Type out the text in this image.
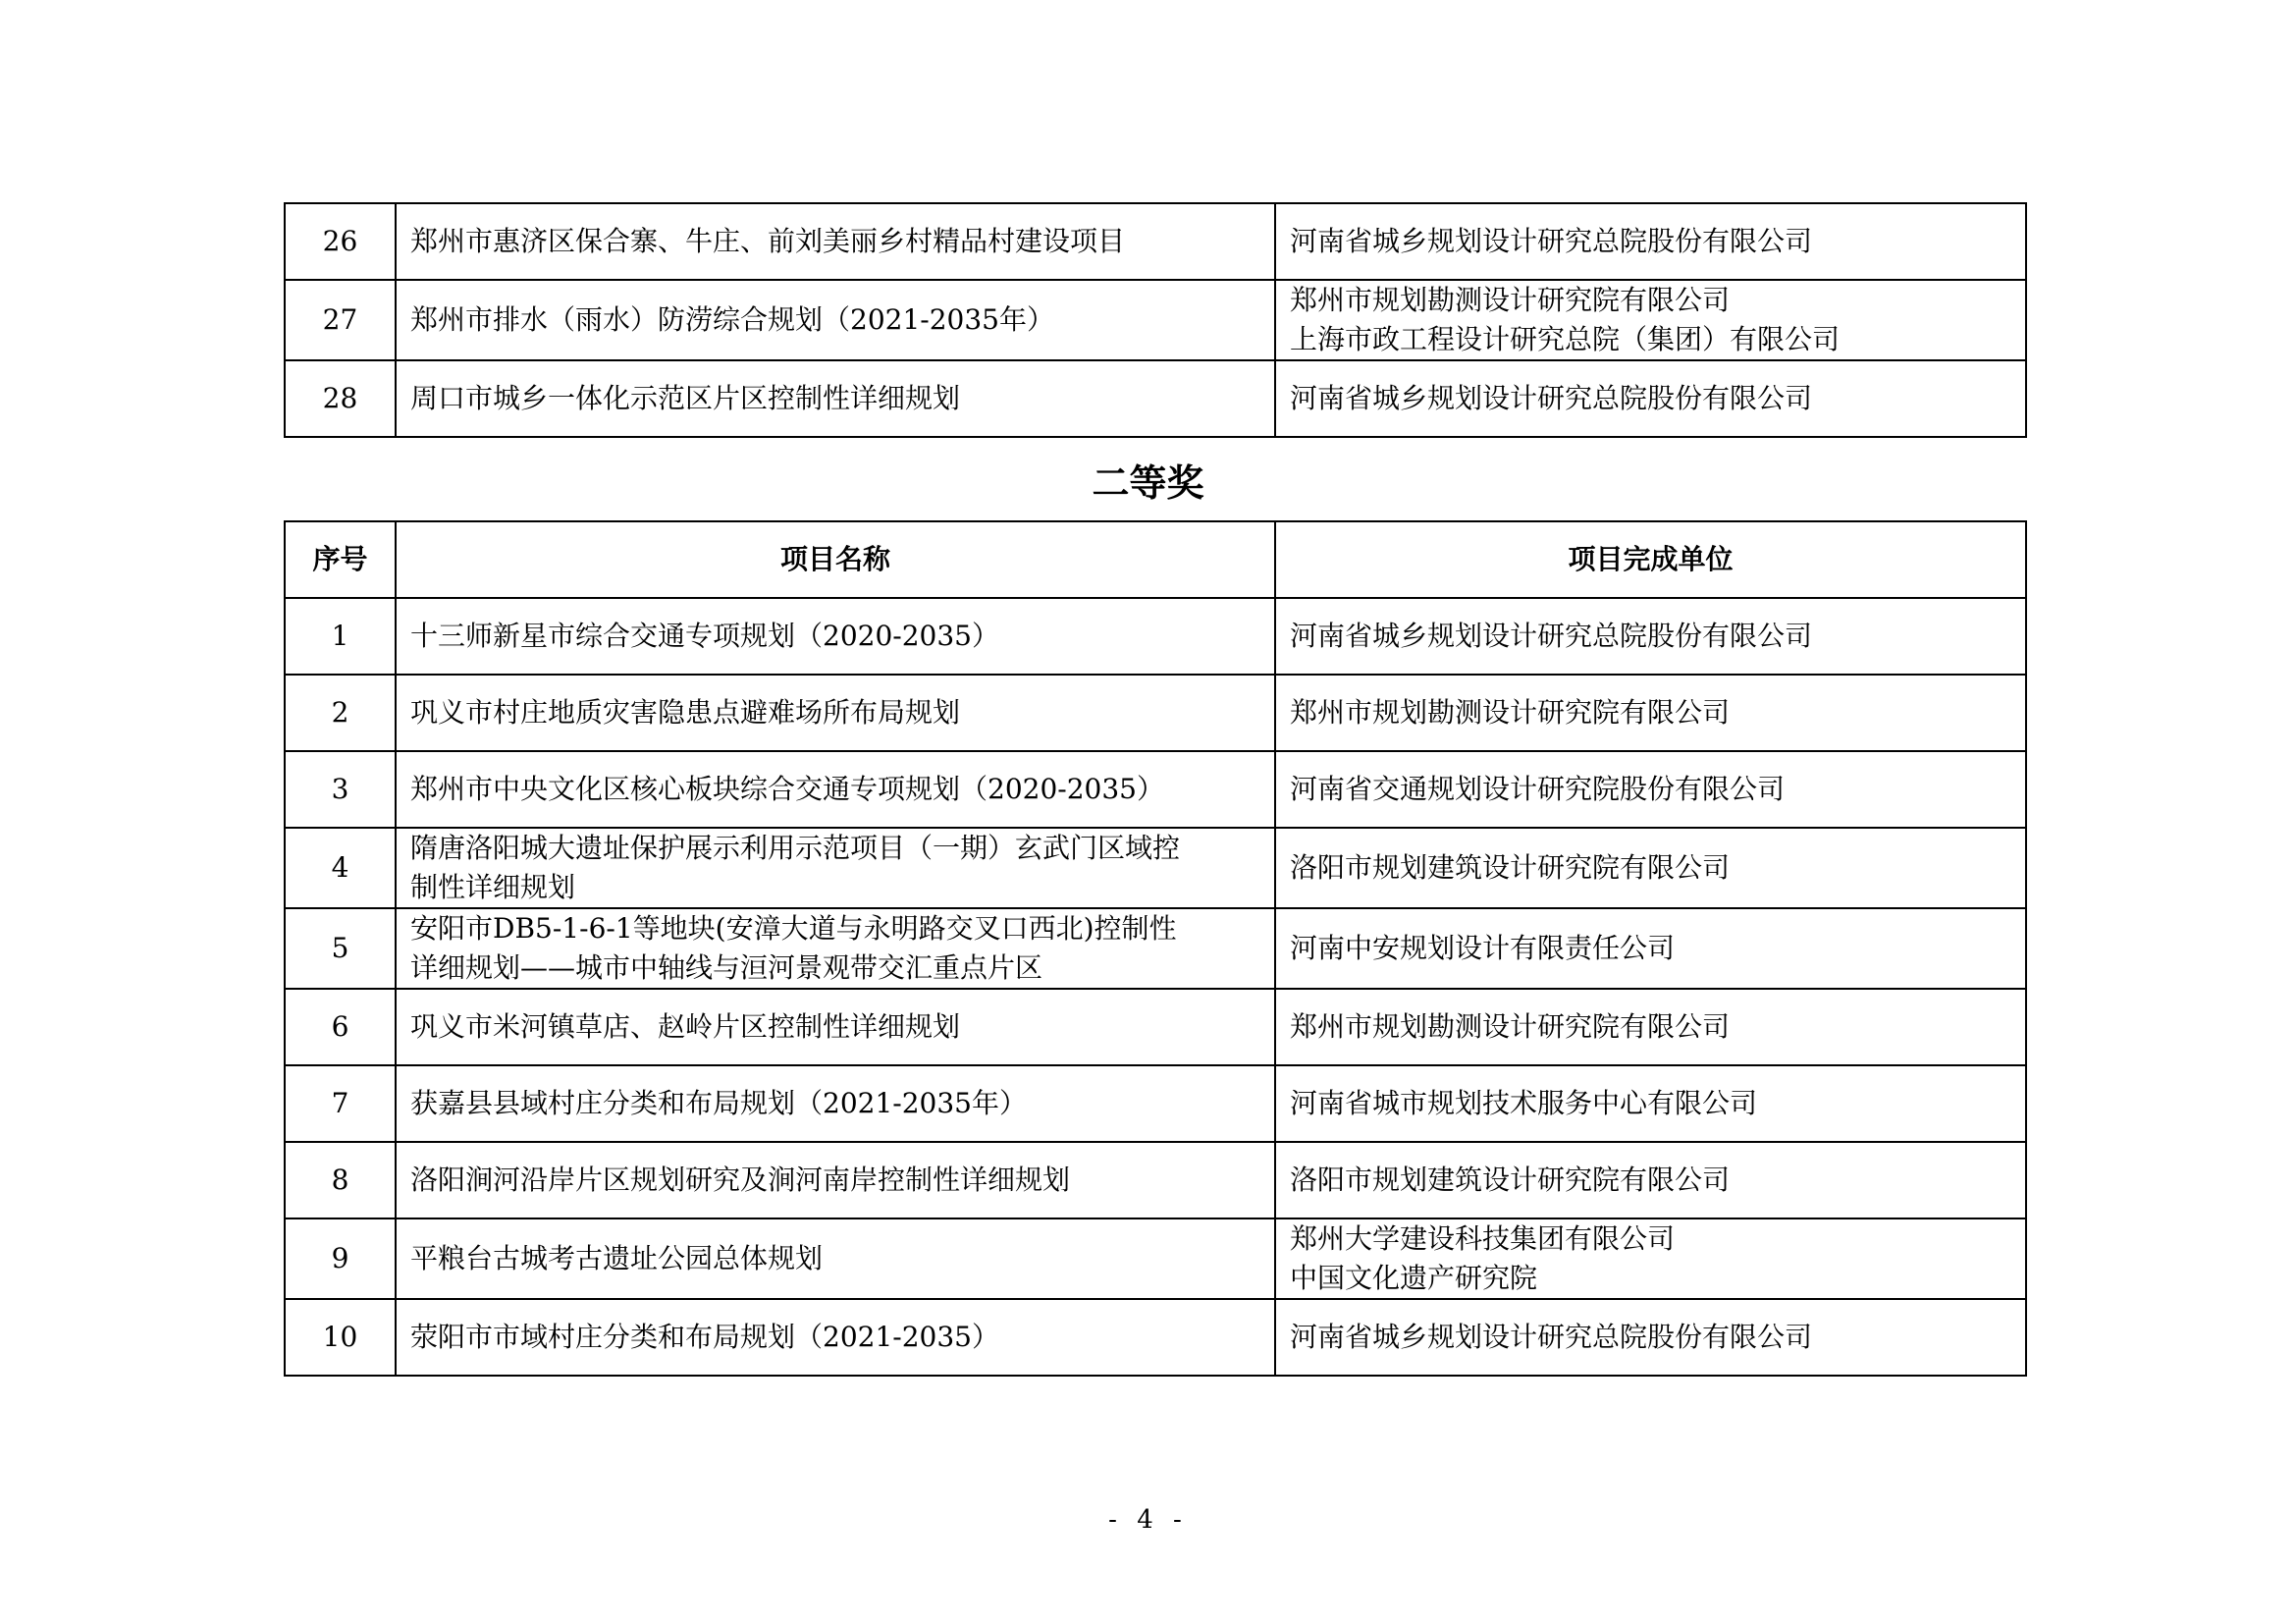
26	郑州市惠济区保合寨、牛庄、前刘美丽乡村精品村建设项目	河南省城乡规划设计研究总院股份有限公司

27	郑州市排水（雨水）防涝综合规划（2021-2035年）	郑州市规划勘测设计研究院有限公司
上海市政工程设计研究总院（集团）有限公司

28	周口市城乡一体化示范区片区控制性详细规划	河南省城乡规划设计研究总院股份有限公司
二等奖
序号	项目名称	项目完成单位
1	十三师新星市综合交通专项规划（2020-2035）	河南省城乡规划设计研究总院股份有限公司

2	巩义市村庄地质灾害隐患点避难场所布局规划	郑州市规划勘测设计研究院有限公司

3	郑州市中央文化区核心板块综合交通专项规划（2020-2035）	河南省交通规划设计研究院股份有限公司

4	隋唐洛阳城大遗址保护展示利用示范项目（一期）玄武门区域控
制性详细规划	洛阳市规划建筑设计研究院有限公司

5	安阳市DB5-1-6-1等地块(安漳大道与永明路交叉口西北)控制性
详细规划——城市中轴线与洹河景观带交汇重点片区	河南中安规划设计有限责任公司

6	巩义市米河镇草店、赵岭片区控制性详细规划	郑州市规划勘测设计研究院有限公司

7	获嘉县县域村庄分类和布局规划（2021-2035年）	河南省城市规划技术服务中心有限公司

8	洛阳涧河沿岸片区规划研究及涧河南岸控制性详细规划	洛阳市规划建筑设计研究院有限公司

9	平粮台古城考古遗址公园总体规划	郑州大学建设科技集团有限公司
中国文化遗产研究院

10	荥阳市市域村庄分类和布局规划（2021-2035）	河南省城乡规划设计研究总院股份有限公司
- 4 -
